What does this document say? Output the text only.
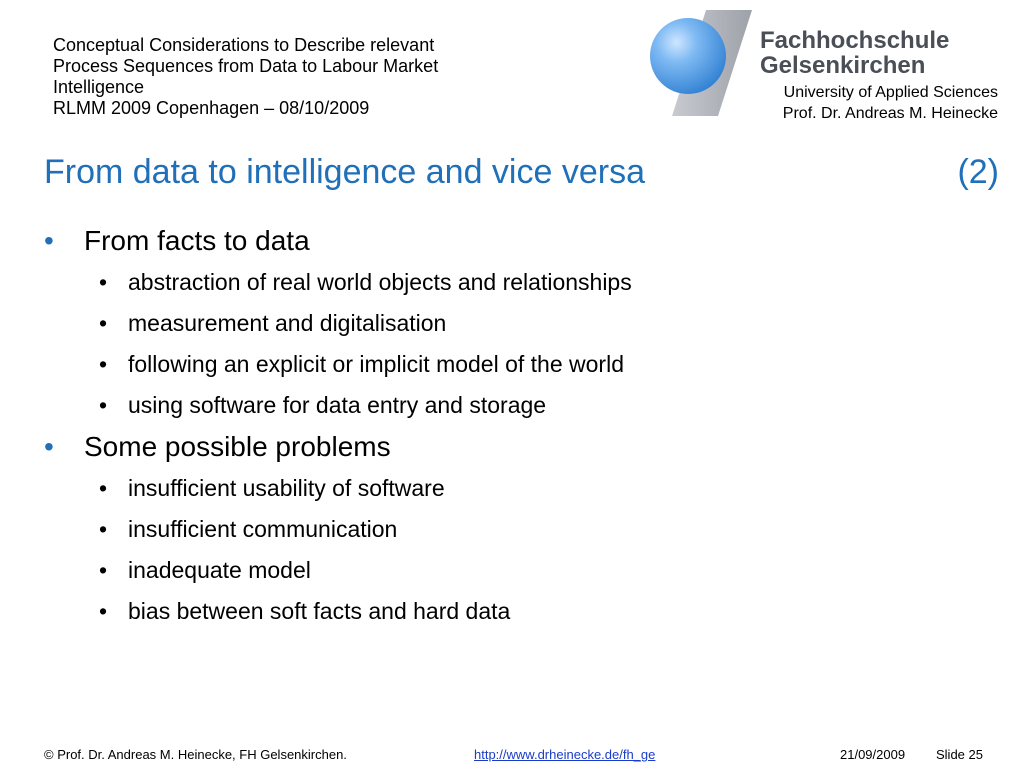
Conceptual Considerations to Describe relevant
Process Sequences from Data to Labour Market
Intelligence
RLMM 2009 Copenhagen – 08/10/2009
Fachhochschule
Gelsenkirchen
University of Applied Sciences
Prof. Dr. Andreas M. Heinecke
From data to intelligence and vice versa	(2)
• From facts to data
• abstraction of real world objects and relationships
• measurement and digitalisation
• following an explicit or implicit model of the world
• using software for data entry and storage
• Some possible problems
• insufficient usability of software
• insufficient communication
• inadequate model
• bias between soft facts and hard data
© Prof. Dr. Andreas M. Heinecke, FH Gelsenkirchen.	http://www.drheinecke.de/fh_ge	21/09/2009 Slide 25
